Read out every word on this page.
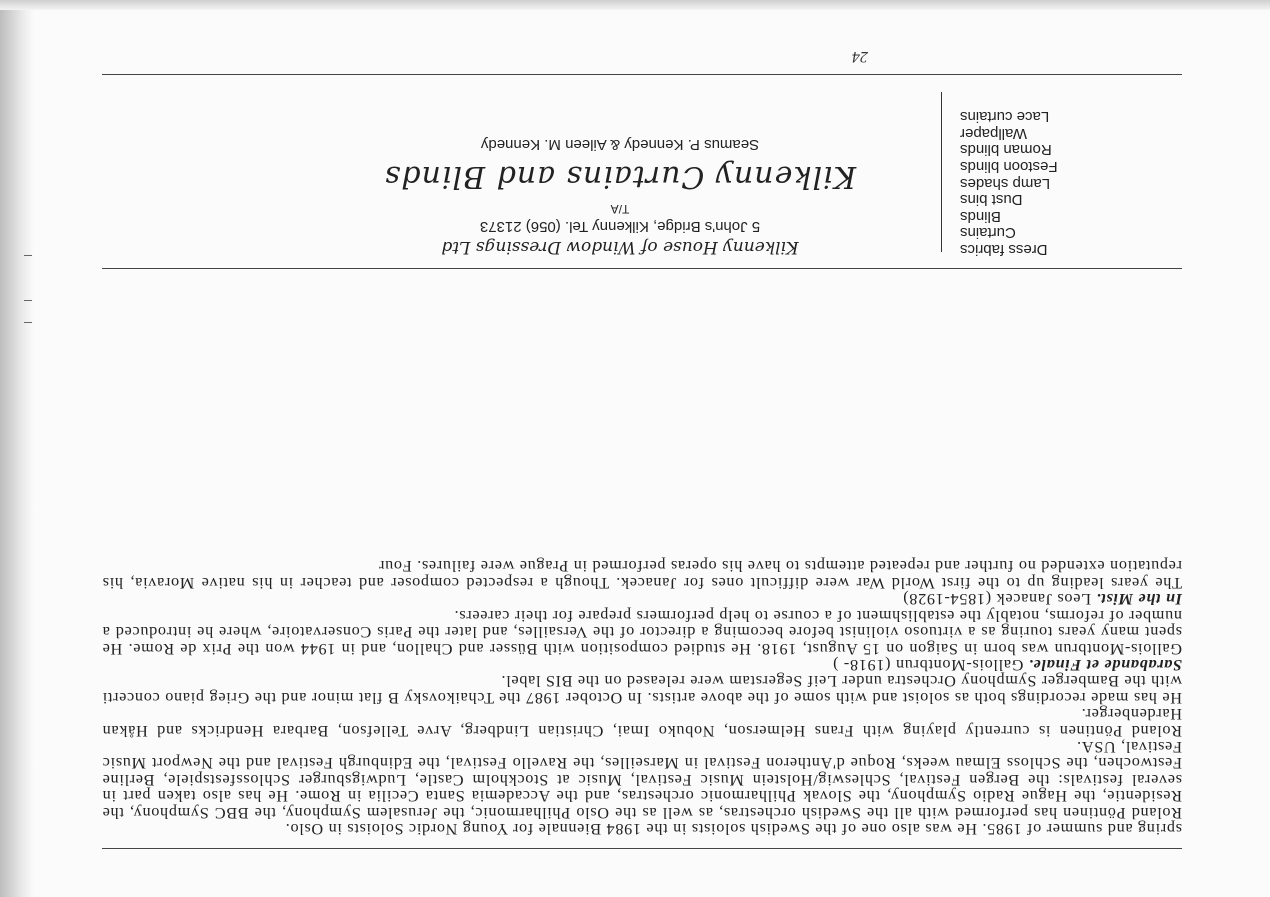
spring and summer of 1985. He was also one of the Swedish soloists in the 1984 Biennale for Young Nordic Soloists in Oslo.

Roland Pöntinen has performed with all the Swedish orchestras, as well as the Oslo Philharmonic, the Jerusalem Symphony, the BBC Symphony, the Residentie, the Hague Radio Symphony, the Slovak Philharmonic orchestras, and the Accademia Santa Cecilia in Rome. He has also taken part in several festivals: the Bergen Festival, Schleswig/Holstein Music Festival, Music at Stockholm Castle, Ludwigsburger Schlossfestspiele, Berline Festwochen, the Schloss Elmau weeks, Roque d'Antheron Festival in Marseilles, the Ravello Festival, the Edinburgh Festival and the Newport Music Festival, USA.

Roland Pöntinen is currently playing with Frans Helmerson, Nobuko Imai, Christian Lindberg, Arve Tellefson, Barbara Hendricks and Håkan Hardenberger.

He has made recordings both as soloist and with some of the above artists. In October 1987 the Tchaikovsky B flat minor and the Grieg piano concerti with the Bamberger Symphony Orchestra under Leif Segerstam were released on the BIS label.

Sarabande et Finale. Gallois-Montbrun (1918- )

Gallois-Montbrun was born in Saigon on 15 August, 1918. He studied composition with Büsser and Challon, and in 1944 won the Prix de Rome. He spent many years touring as a virtuoso violinist before becoming a director of the Versailles, and later the Paris Conservatoire, where he introduced a number of reforms, notably the establishment of a course to help performers prepare for their careers.

In the Mist. Leos Janacek (1854-1928)

The years leading up to the first World War were difficult ones for Janacek. Though a respected composer and teacher in his native Moravia, his reputation extended no further and repeated attempts to have his operas performed in Prague were failures. Four

Dress fabrics
Curtains
Blinds
Dust bins
Lamp shades
Festoon blinds
Roman blinds
Wallpaper
Lace curtains
Kilkenny House of Window Dressings Ltd
5 John's Bridge, Kilkenny Tel. (056) 21373
T/A
Kilkenny Curtains and Blinds
Seamus P. Kennedy & Aileen M. Kennedy
24
